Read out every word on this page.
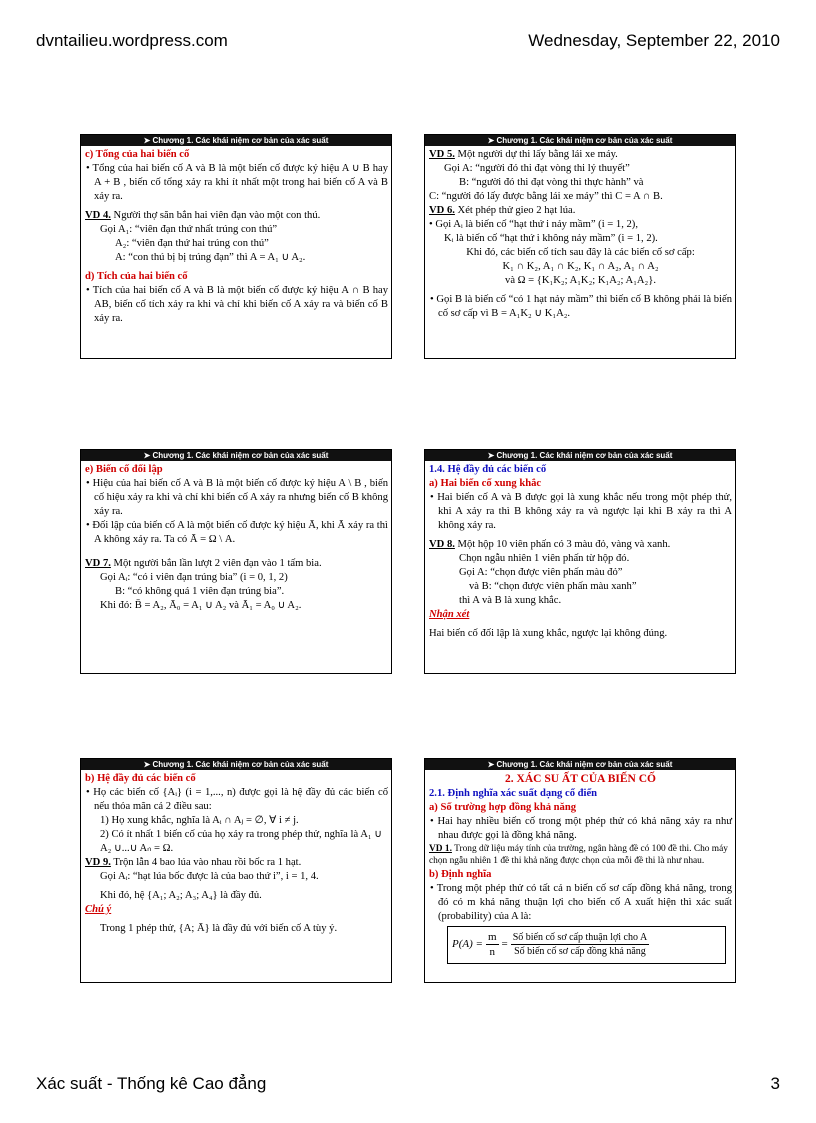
dvntailieu.wordpress.com	Wednesday, September 22, 2010
➤ Chương 1. Các khái niệm cơ bản của xác suất

c) Tổng của hai biến cố

• Tổng của hai biến cố A và B là một biến cố được ký hiệu A ∪ B hay A + B , biến cố tổng xảy ra khi ít nhất một trong hai biến cố A và B xảy ra.

VD 4. Người thợ săn bắn hai viên đạn vào một con thú.

Gọi A₁: “viên đạn thứ nhất trúng con thú”

A₂: “viên đạn thứ hai trúng con thú”

A: “con thú bị bị trúng đạn” thì A = A₁ ∪ A₂.

d) Tích của hai biến cố

• Tích của hai biến cố A và B là một biến cố được ký hiệu A ∩ B hay AB, biến cố tích xảy ra khi và chỉ khi biến cố A xảy ra và biến cố B xảy ra.

➤ Chương 1. Các khái niệm cơ bản của xác suất

VD 5. Một người dự thi lấy bằng lái xe máy.

Gọi A: “người đó thi đạt vòng thi lý thuyết”

B: “người đó thi đạt vòng thi thực hành” và

C: “người đó lấy được bằng lái xe máy” thì C = A ∩ B.

VD 6. Xét phép thử gieo 2 hạt lúa.

• Gọi Aᵢ là biến cố “hạt thứ i nảy mầm” (i = 1, 2),

Kᵢ là biến cố “hạt thứ i không nảy mầm” (i = 1, 2).

Khi đó, các biến cố tích sau đây là các biến cố sơ cấp:

K₁ ∩ K₂, A₁ ∩ K₂, K₁ ∩ A₂, A₁ ∩ A₂

và Ω = {K₁K₂; A₁K₂; K₁A₂; A₁A₂}.

• Gọi B là biến cố “có 1 hạt nảy mầm” thì biến cố B không phải là biến cố sơ cấp vì B = A₁K₂ ∪ K₁A₂.

➤ Chương 1. Các khái niệm cơ bản của xác suất

e) Biến cố đối lập

• Hiệu của hai biến cố A và B là một biến cố được ký hiệu A \ B , biến cố hiệu xảy ra khi và chỉ khi biến cố A xảy ra nhưng biến cố B không xảy ra.

• Đối lập của biến cố A là một biến cố được ký hiệu Ā, khi Ā xảy ra thì A không xảy ra. Ta có Ā = Ω \ A.

VD 7. Một người bắn lần lượt 2 viên đạn vào 1 tấm bia.

Gọi Aᵢ: “có i viên đạn trúng bia” (i = 0, 1, 2)

B: “có không quá 1 viên đạn trúng bia”.

Khi đó: B̄ = A₂, Ā₀ = A₁ ∪ A₂ và Ā₁ = A₀ ∪ A₂.

➤ Chương 1. Các khái niệm cơ bản của xác suất

1.4. Hệ đầy đủ các biến cố

a) Hai biến cố xung khắc

• Hai biến cố A và B được gọi là xung khắc nếu trong một phép thử, khi A xảy ra thì B không xảy ra và ngược lại khi B xảy ra thì A không xảy ra.

VD 8. Một hộp 10 viên phấn có 3 màu đỏ, vàng và xanh.

Chọn ngẫu nhiên 1 viên phấn từ hộp đó.

Gọi A: “chọn được viên phấn màu đỏ”

và B: “chọn được viên phấn màu xanh”

thì A và B là xung khắc.

Nhận xét

Hai biến cố đối lập là xung khắc, ngược lại không đúng.

➤ Chương 1. Các khái niệm cơ bản của xác suất

b) Hệ đầy đủ các biến cố

• Họ các biến cố {Aᵢ} (i = 1,..., n) được gọi là hệ đầy đủ các biến cố nếu thỏa mãn cả 2 điều sau:

1) Họ xung khắc, nghĩa là Aᵢ ∩ Aⱼ = ∅, ∀ i ≠ j.

2) Có ít nhất 1 biến cố của họ xảy ra trong phép thử, nghĩa là A₁ ∪ A₂ ∪...∪ Aₙ = Ω.

VD 9. Trộn lẫn 4 bao lúa vào nhau rồi bốc ra 1 hạt.

Gọi Aᵢ: “hạt lúa bốc được là của bao thứ i”, i = 1, 4.

Khi đó, hệ {A₁; A₂; A₃; A₄} là đầy đủ.

Chú ý

Trong 1 phép thử, {A; Ā} là đầy đủ với biến cố A tùy ý.

➤ Chương 1. Các khái niệm cơ bản của xác suất

2. XÁC SU ẤT CỦA BIẾN CỐ

2.1. Định nghĩa xác suất dạng cổ điển

a) Số trường hợp đồng khả năng

• Hai hay nhiều biến cố trong một phép thử có khả năng xảy ra như nhau được gọi là đồng khả năng.

VD 1. Trong dữ liệu máy tính của trường, ngân hàng đề có 100 đề thi. Cho máy chọn ngẫu nhiên 1 đề thi khả năng được chọn của mỗi đề thi là như nhau.

b) Định nghĩa

• Trong một phép thử có tất cả n biến cố sơ cấp đồng khả năng, trong đó có m khả năng thuận lợi cho biến cố A xuất hiện thì xác suất (probability) của A là:

$P(A) = \frac{m}{n} = \frac{\text{Số biến cố sơ cấp thuận lợi cho A}}{\text{Số biến cố sơ cấp đồng khả năng}}$
Xác suất - Thống kê Cao đẳng	3
